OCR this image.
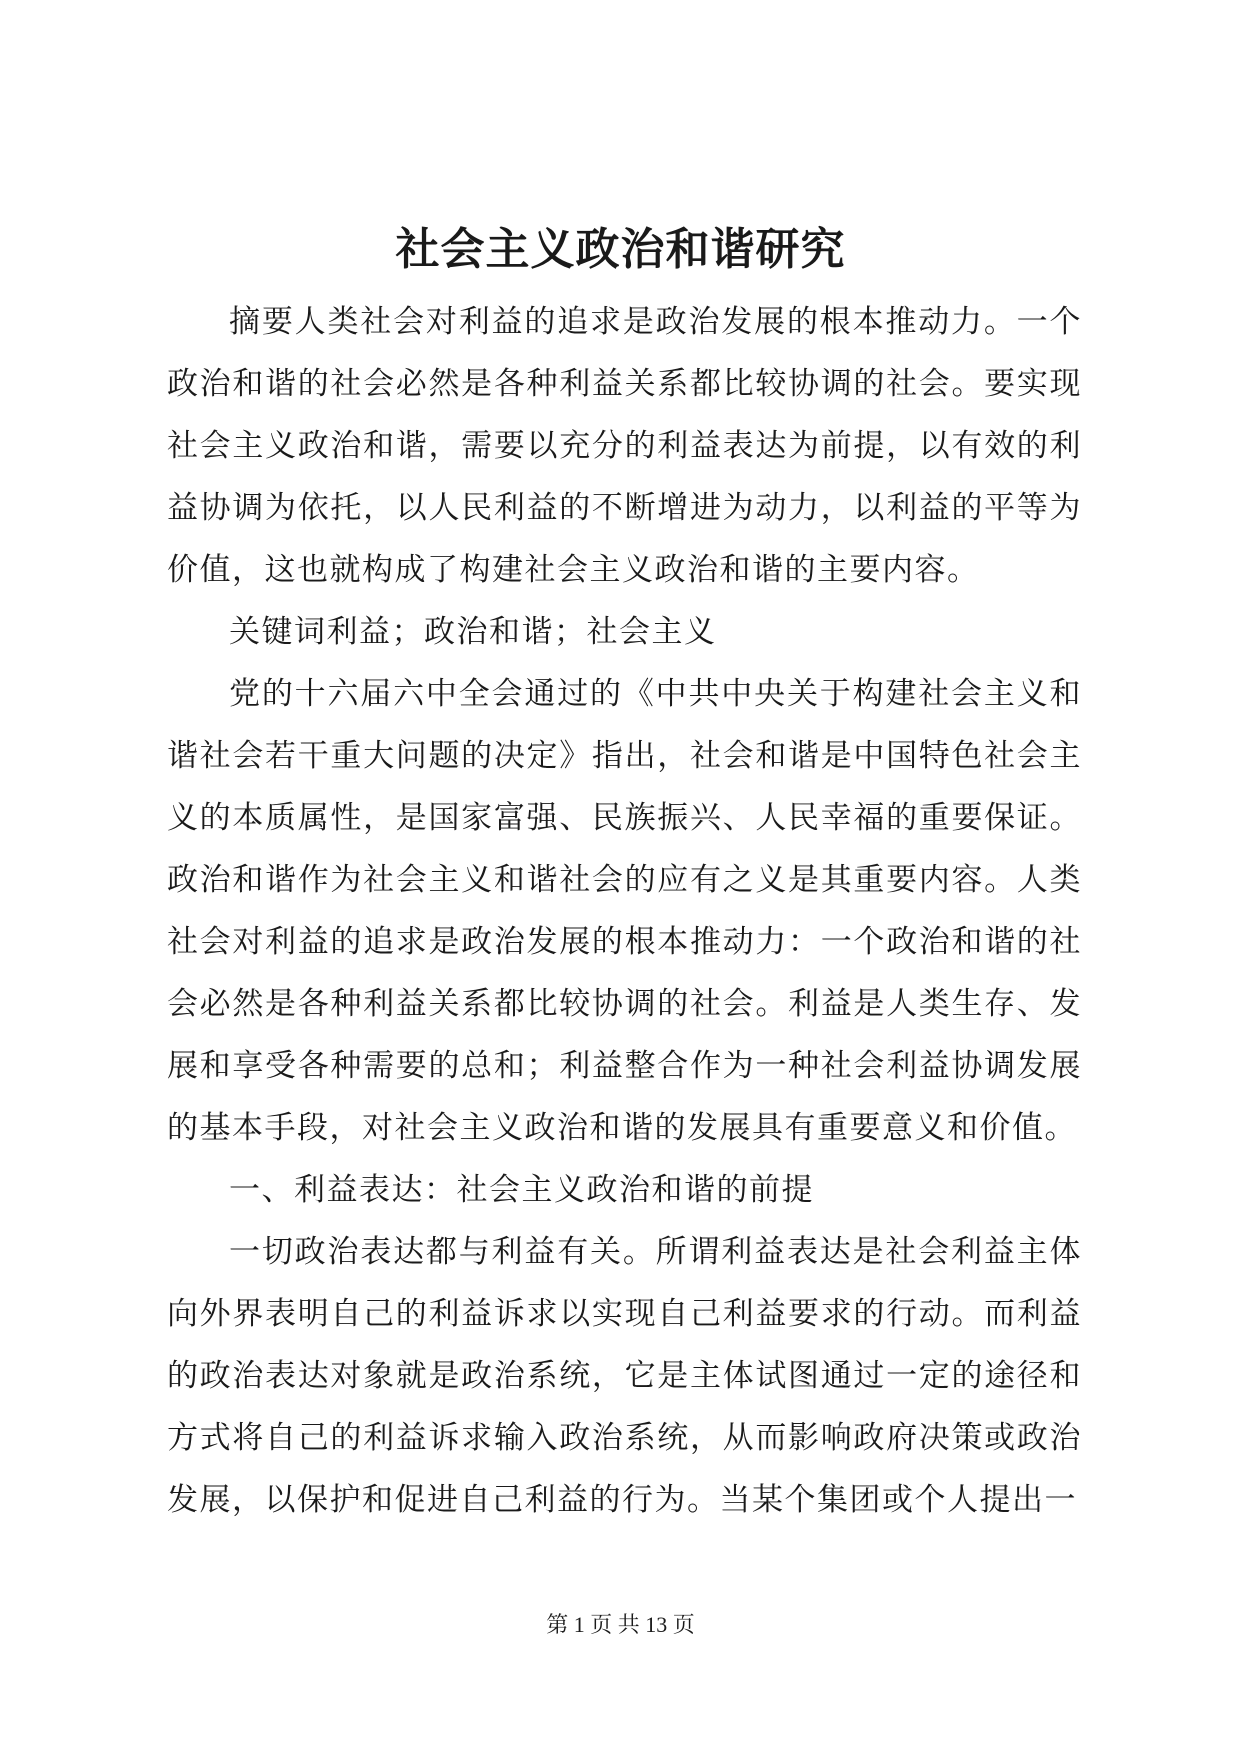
社会主义政治和谐研究

摘要人类社会对利益的追求是政治发展的根本推动力。一个政治和谐的社会必然是各种利益关系都比较协调的社会。要实现社会主义政治和谐，需要以充分的利益表达为前提，以有效的利益协调为依托，以人民利益的不断增进为动力，以利益的平等为价值，这也就构成了构建社会主义政治和谐的主要内容。

关键词利益；政治和谐；社会主义

党的十六届六中全会通过的《中共中央关于构建社会主义和谐社会若干重大问题的决定》指出，社会和谐是中国特色社会主义的本质属性，是国家富强、民族振兴、人民幸福的重要保证。政治和谐作为社会主义和谐社会的应有之义是其重要内容。人类社会对利益的追求是政治发展的根本推动力：一个政治和谐的社会必然是各种利益关系都比较协调的社会。利益是人类生存、发展和享受各种需要的总和；利益整合作为一种社会利益协调发展的基本手段，对社会主义政治和谐的发展具有重要意义和价值。

一、利益表达：社会主义政治和谐的前提

一切政治表达都与利益有关。所谓利益表达是社会利益主体向外界表明自己的利益诉求以实现自己利益要求的行动。而利益的政治表达对象就是政治系统，它是主体试图通过一定的途径和方式将自己的利益诉求输入政治系统，从而影响政府决策或政治发展，以保护和促进自己利益的行为。当某个集团或个人提出一

第 1 页 共 13 页
